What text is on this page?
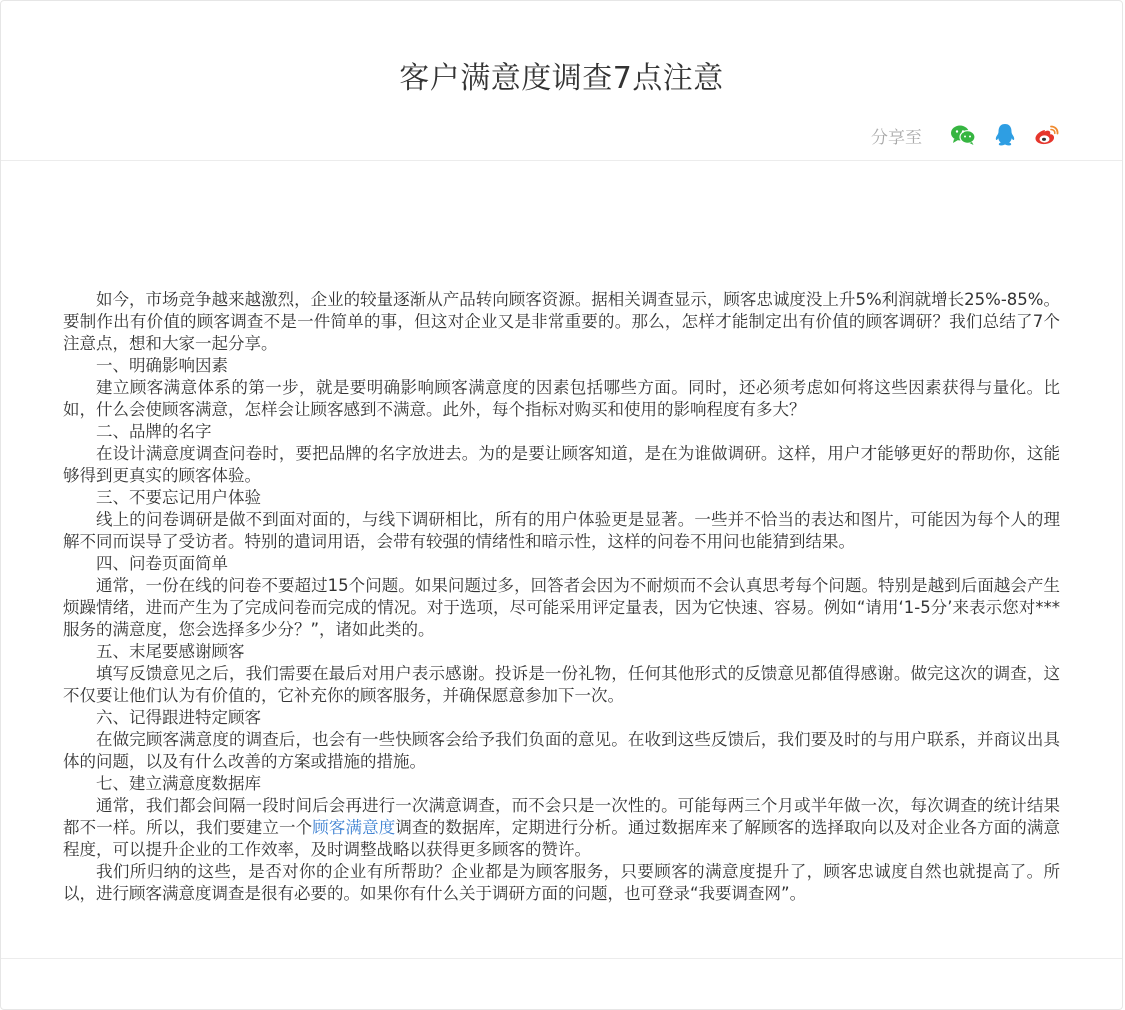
客户满意度调查7点注意
分享至

如今，市场竞争越来越激烈，企业的较量逐渐从产品转向顾客资源。据相关调查显示，顾客忠诚度没上升5%利润就增长25%-85%。要制作出有价值的顾客调查不是一件简单的事，但这对企业又是非常重要的。那么，怎样才能制定出有价值的顾客调研？我们总结了7个注意点，想和大家一起分享。

一、明确影响因素

建立顾客满意体系的第一步，就是要明确影响顾客满意度的因素包括哪些方面。同时，还必须考虑如何将这些因素获得与量化。比如，什么会使顾客满意，怎样会让顾客感到不满意。此外，每个指标对购买和使用的影响程度有多大？

二、品牌的名字

在设计满意度调查问卷时，要把品牌的名字放进去。为的是要让顾客知道，是在为谁做调研。这样，用户才能够更好的帮助你，这能够得到更真实的顾客体验。

三、不要忘记用户体验

线上的问卷调研是做不到面对面的，与线下调研相比，所有的用户体验更是显著。一些并不恰当的表达和图片，可能因为每个人的理解不同而误导了受访者。特别的遣词用语，会带有较强的情绪性和暗示性，这样的问卷不用问也能猜到结果。

四、问卷页面简单

通常，一份在线的问卷不要超过15个问题。如果问题过多，回答者会因为不耐烦而不会认真思考每个问题。特别是越到后面越会产生烦躁情绪，进而产生为了完成问卷而完成的情况。对于选项，尽可能采用评定量表，因为它快速、容易。例如“请用‘1-5分’来表示您对***服务的满意度，您会选择多少分？”，诸如此类的。

五、末尾要感谢顾客

填写反馈意见之后，我们需要在最后对用户表示感谢。投诉是一份礼物，任何其他形式的反馈意见都值得感谢。做完这次的调查，这不仅要让他们认为有价值的，它补充你的顾客服务，并确保愿意参加下一次。

六、记得跟进特定顾客

在做完顾客满意度的调查后，也会有一些快顾客会给予我们负面的意见。在收到这些反馈后，我们要及时的与用户联系，并商议出具体的问题，以及有什么改善的方案或措施的措施。

七、建立满意度数据库

通常，我们都会间隔一段时间后会再进行一次满意调查，而不会只是一次性的。可能每两三个月或半年做一次，每次调查的统计结果都不一样。所以，我们要建立一个顾客满意度调查的数据库，定期进行分析。通过数据库来了解顾客的选择取向以及对企业各方面的满意程度，可以提升企业的工作效率，及时调整战略以获得更多顾客的赞许。

我们所归纳的这些，是否对你的企业有所帮助？企业都是为顾客服务，只要顾客的满意度提升了，顾客忠诚度自然也就提高了。所以，进行顾客满意度调查是很有必要的。如果你有什么关于调研方面的问题，也可登录“我要调查网”。
